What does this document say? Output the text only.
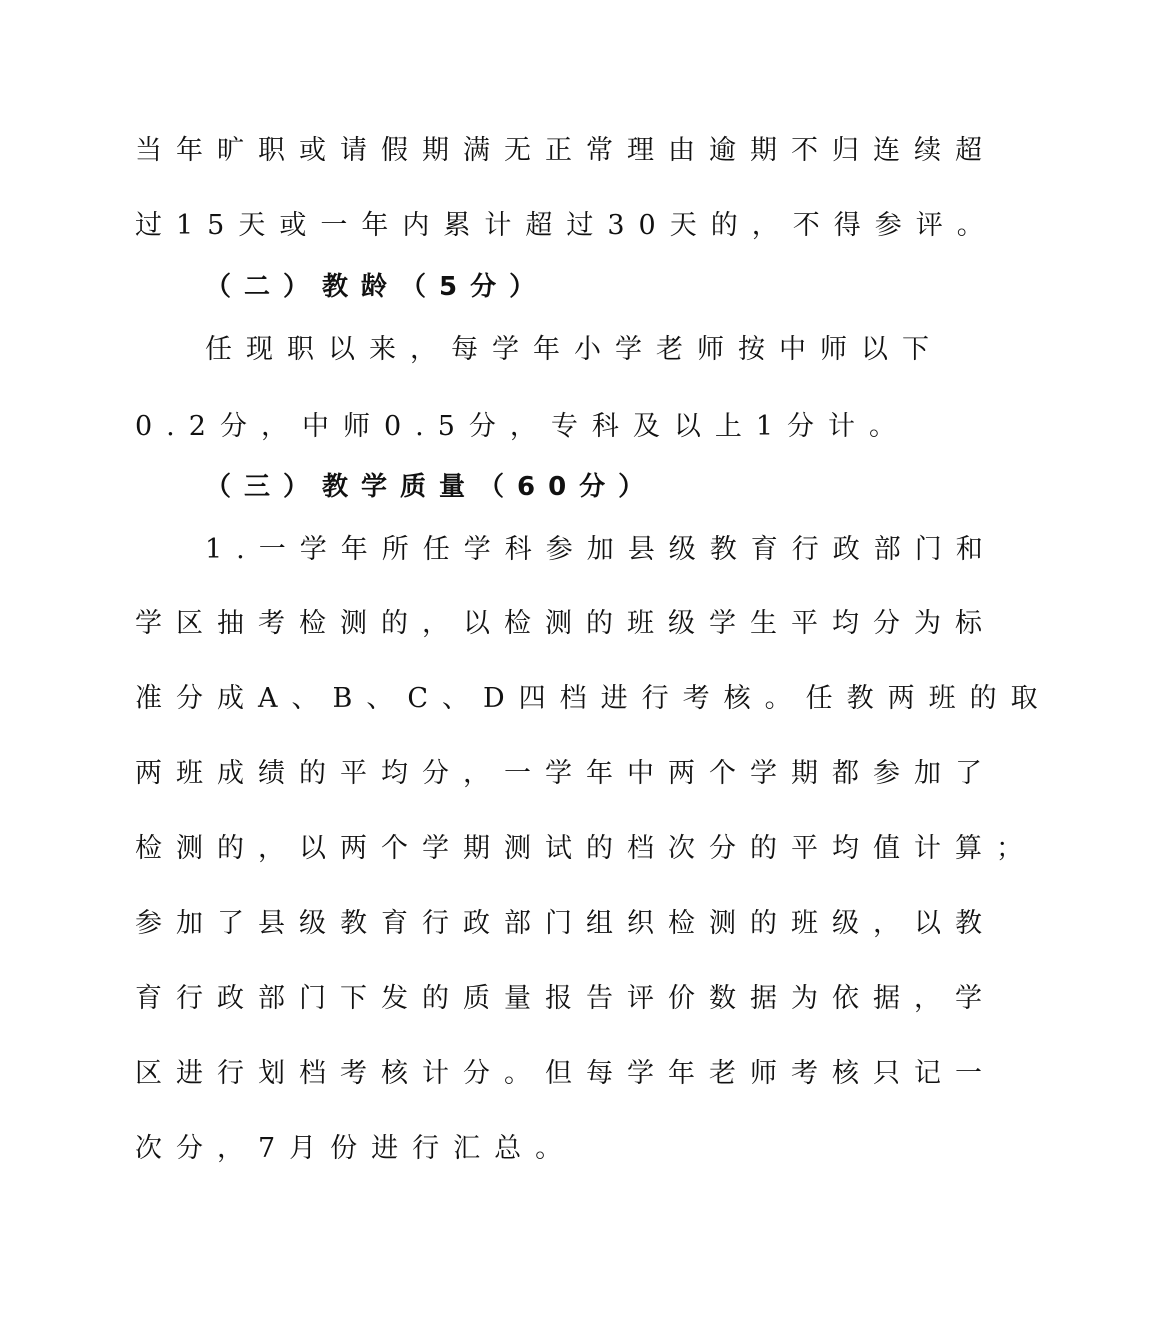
当年旷职或请假期满无正常理由逾期不归连续超
过15天或一年内累计超过30天的，不得参评。
（二）教龄（5分）
任现职以来，每学年小学老师按中师以下
0.2分，中师0.5分，专科及以上1分计。
（三）教学质量（60分）
1.一学年所任学科参加县级教育行政部门和
学区抽考检测的，以检测的班级学生平均分为标
准分成A、B、C、D四档进行考核。任教两班的取
两班成绩的平均分，一学年中两个学期都参加了
检测的，以两个学期测试的档次分的平均值计算；
参加了县级教育行政部门组织检测的班级，以教
育行政部门下发的质量报告评价数据为依据，学
区进行划档考核计分。但每学年老师考核只记一
次分，7月份进行汇总。
